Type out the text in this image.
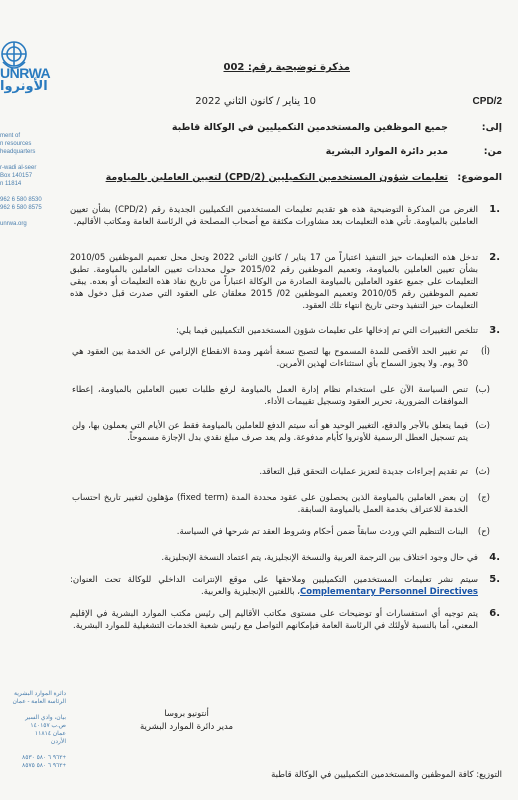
UNRWA
الأونروا
ment of
n resources
headquarters

r-wadi al-seer
Box 140157
n 11814

962 6 580 8530
962 6 580 8575

unrwa.org
دائرة الموارد البشرية
الرئاسة العامة - عمان

بيان، وادي السير
ص.ب ١٤٠١٥٧
عمان ١١٨١٤
الأردن

+٩٦٢ ٦ ٥٨٠ ٨٥٣٠
+٩٦٢ ٦ ٥٨٠ ٨٥٧٥
مذكرة توضيحية رقم: 002
CPD/2
10 يناير / كانون الثاني 2022
إلى:
جميع الموظفين والمستخدمين التكميليين في الوكالة قاطبة
من:
مدير دائرة الموارد البشرية
الموضوع:
تعليمات شؤون المستخدمين التكميليين (CPD/2) لتعيين العاملين بالمياومة
1.
الغرض من المذكرة التوضيحية هذه هو تقديم تعليمات المستخدمين التكميليين الجديدة رقم (CPD/2) بشأن تعيين العاملين بالمياومة. تأتي هذه التعليمات بعد مشاورات مكثفة مع أصحاب المصلحة في الرئاسة العامة ومكاتب الأقاليم.
2.
تدخل هذه التعليمات حيز التنفيذ اعتباراً من 17 يناير / كانون الثاني 2022 وتحل محل تعميم الموظفين 2010/05 بشأن تعيين العاملين بالمياومة، وتعميم الموظفين رقم 2015/02 حول محددات تعيين العاملين بالمياومة. تطبق التعليمات على جميع عقود العاملين بالمياومة الصادرة من الوكالة اعتباراً من تاريخ نفاذ هذه التعليمات أو بعده. يبقى تعميم الموظفين رقم 2010/05 وتعميم الموظفين 02/ 2015 معلقان على العقود التي صدرت قبل دخول هذه التعليمات حيز التنفيذ وحتى تاريخ انتهاء تلك العقود.
3.
تتلخص التغييرات التي تم إدخالها على تعليمات شؤون المستخدمين التكميليين فيما يلي:
(أ)
تم تغيير الحد الأقصى للمدة المسموح بها لتصبح تسعة أشهر ومدة الانقطاع الإلزامي عن الخدمة بين العقود هي 30 يوم. ولا يجوز السماح بأي استثناءات لهذين الأمرين.
(ب)
تنص السياسة الآن على استخدام نظام إدارة العمل بالمياومة لرفع طلبات تعيين العاملين بالمياومة، إعطاء الموافقات الضرورية، تحرير العقود وتسجيل تقييمات الأداء.
(ت)
فيما يتعلق بالأجر والدفع، التغيير الوحيد هو أنه سيتم الدفع للعاملين بالمياومة فقط عن الأيام التي يعملون بها، ولن يتم تسجيل العطل الرسمية للأونروا كأيام مدفوعة. ولم يعد صرف مبلغ نقدي بدل الإجازة مسموحاً.
(ث)
تم تقديم إجراءات جديدة لتعزيز عمليات التحقق قبل التعاقد.
(ج)
إن بعض العاملين بالمياومة الذين يحصلون على عقود محددة المدة (fixed term) مؤهلون لتغيير تاريخ احتساب الخدمة للاعتراف بخدمة العمل بالمياومة السابقة.
(ح)
البنات التنظيم التي وردت سابقاً ضمن أحكام وشروط العقد تم شرحها في السياسة.
4.
في حال وجود اختلاف بين الترجمة العربية والنسخة الإنجليزية، يتم اعتماد النسخة الإنجليزية.
5.
سيتم نشر تعليمات المستخدمين التكميليين وملاحقها على موقع الإنترانت الداخلي للوكالة تحت العنوان: Complementary Personnel Directives، باللغتين الإنجليزية والعربية.
6.
يتم توجيه أي استفسارات أو توضيحات على مستوى مكاتب الأقاليم إلى رئيس مكتب الموارد البشرية في الإقليم المعني، أما بالنسبة لأولئك في الرئاسة العامة فبإمكانهم التواصل مع رئيس شعبة الخدمات التشغيلية للموارد البشرية.
أنتونيو بروسا
مدير دائرة الموارد البشرية
التوزيع: كافة الموظفين والمستخدمين التكميليين في الوكالة قاطبة
